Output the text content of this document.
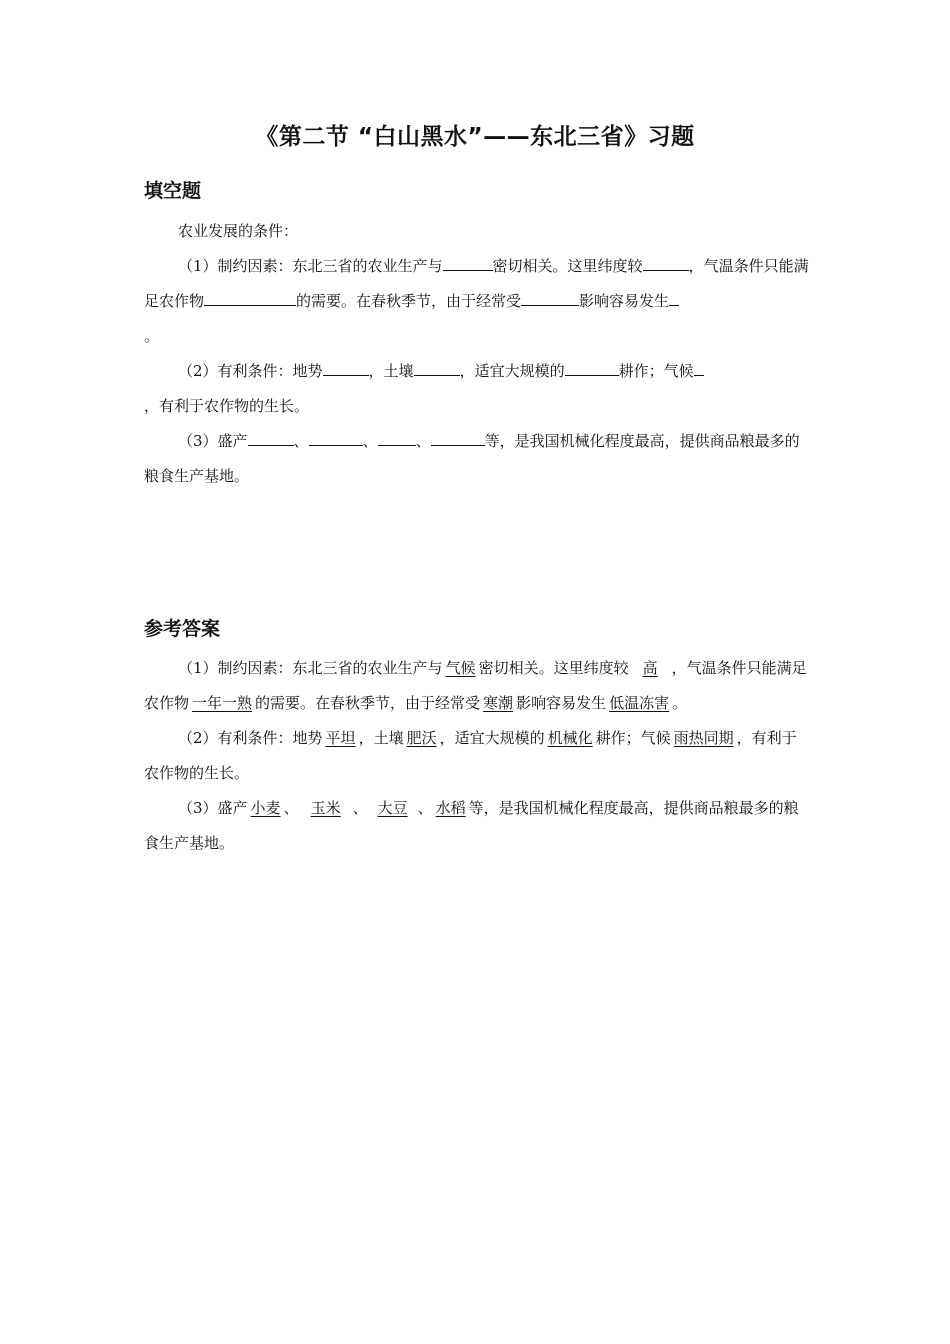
《第二节 “白山黑水”——东北三省》习题
填空题

农业发展的条件：

（1）制约因素：东北三省的农业生产与	密切相关。这里纬度较	，气温条件只能满足农作物	的需要。在春秋季节，由于经常受	影响容易发生
。

（2）有利条件：地势	，土壤	，适宜大规模的	耕作；气候
，有利于农作物的生长。

（3）盛产	、	、	、	等，是我国机械化程度最高，提供商品粮最多的粮食生产基地。

参考答案

（1）制约因素：东北三省的农业生产与 气候 密切相关。这里纬度较 高 ，气温条件只能满足农作物 一年一熟 的需要。在春秋季节，由于经常受 寒潮 影响容易发生 低温冻害 。

（2）有利条件：地势 平坦 ，土壤 肥沃 ，适宜大规模的 机械化 耕作；气候 雨热同期 ，有利于农作物的生长。

（3）盛产 小麦 、 玉米 、 大豆 、 水稻 等，是我国机械化程度最高，提供商品粮最多的粮食生产基地。
